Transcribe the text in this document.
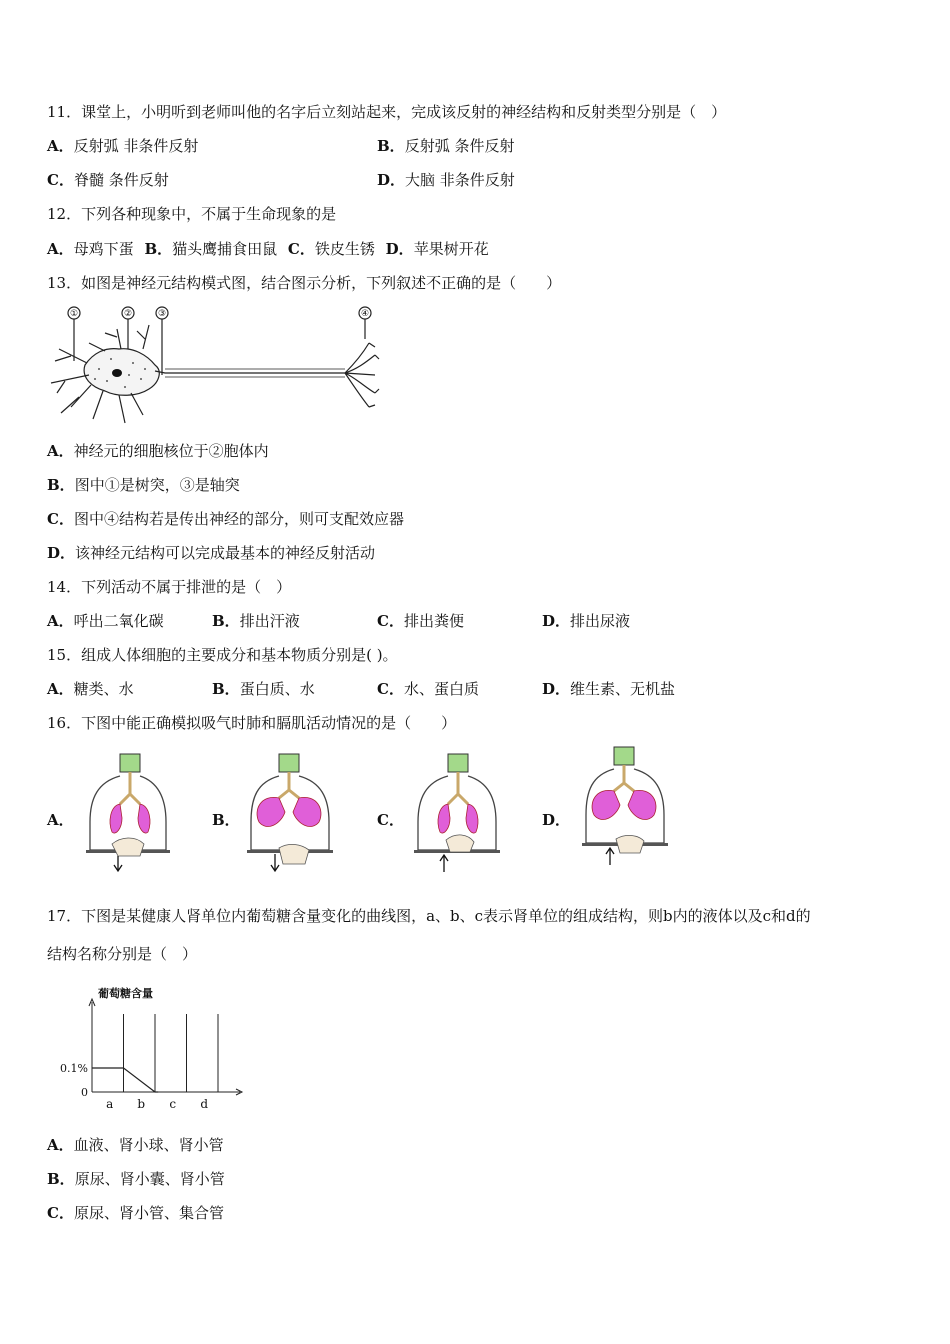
11．课堂上，小明听到老师叫他的名字后立刻站起来，完成该反射的神经结构和反射类型分别是（　）
A．反射弧 非条件反射	B．反射弧 条件反射
C．脊髓 条件反射	D．大脑 非条件反射
12．下列各种现象中，不属于生命现象的是
A．母鸡下蛋 B．猫头鹰捕食田鼠 C．铁皮生锈 D．苹果树开花
13．如图是神经元结构模式图，结合图示分析，下列叙述不正确的是（　　）
①	②	③	④
A．神经元的细胞核位于②胞体内
B．图中①是树突，③是轴突
C．图中④结构若是传出神经的部分，则可支配效应器
D．该神经元结构可以完成最基本的神经反射活动
14．下列活动不属于排泄的是（　）
A．呼出二氧化碳	B．排出汗液	C．排出粪便	D．排出尿液
15．组成人体细胞的主要成分和基本物质分别是( )。
A．糖类、水	B．蛋白质、水	C．水、蛋白质	D．维生素、无机盐
16．下图中能正确模拟吸气时肺和膈肌活动情况的是（　　）
A．	B．	C．	D．
17．下图是某健康人肾单位内葡萄糖含量变化的曲线图，a、b、c表示肾单位的组成结构，则b内的液体以及c和d的
结构名称分别是（　）
葡萄糖含量
a b c d
0.1%
0
A．血液、肾小球、肾小管
B．原尿、肾小囊、肾小管
C．原尿、肾小管、集合管
